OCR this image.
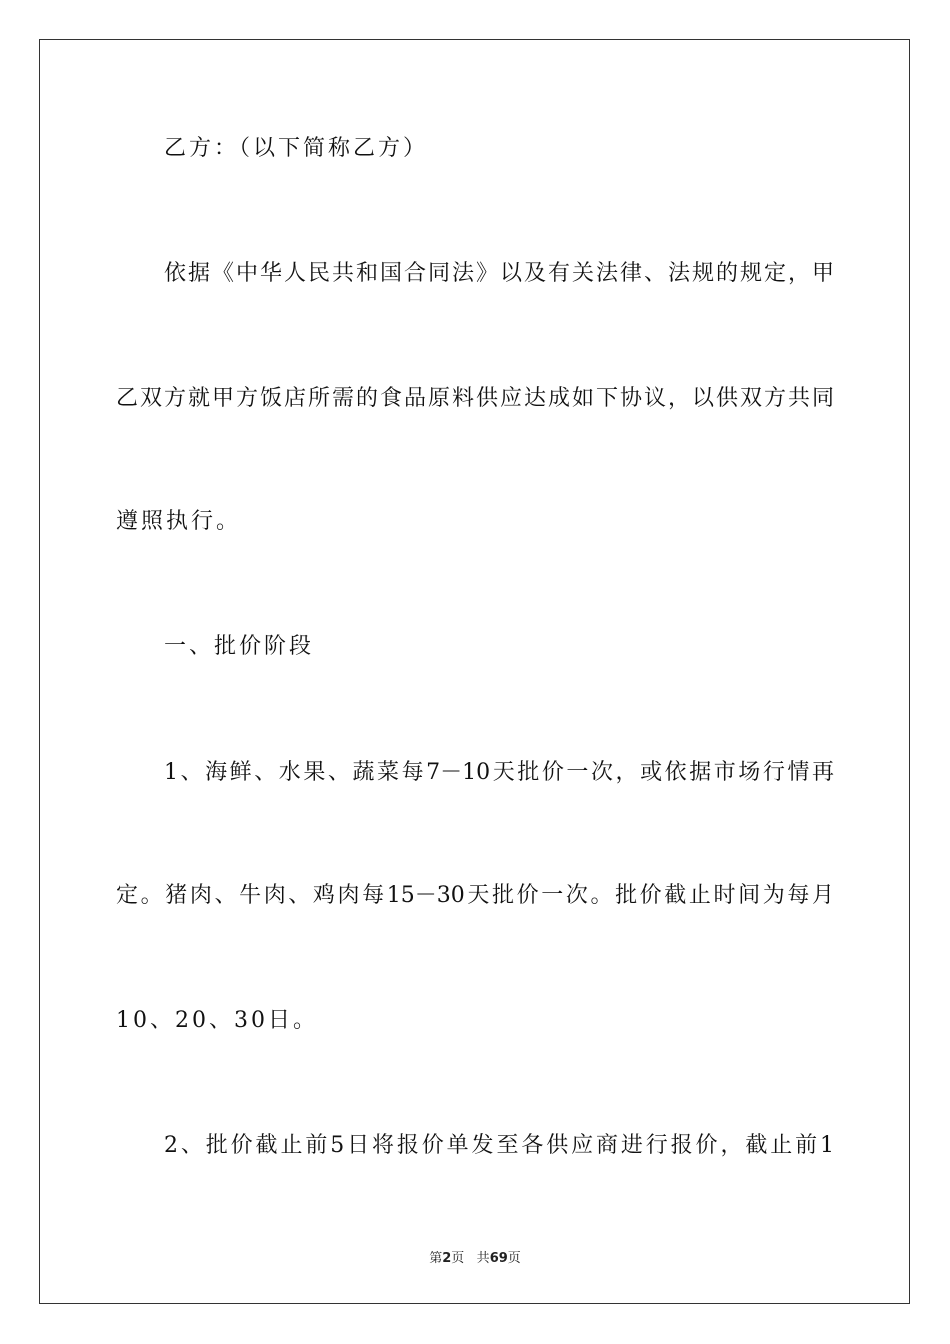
乙方：（以下简称乙方）

依据《中华人民共和国合同法》以及有关法律、法规的规定，甲

乙双方就甲方饭店所需的食品原料供应达成如下协议，以供双方共同

遵照执行。

一、批价阶段

1、海鲜、水果、蔬菜每7－10天批价一次，或依据市场行情再

定。猪肉、牛肉、鸡肉每15－30天批价一次。批价截止时间为每月

10、20、30日。

2、批价截止前5日将报价单发至各供应商进行报价，截止前1

第2页 共69页
